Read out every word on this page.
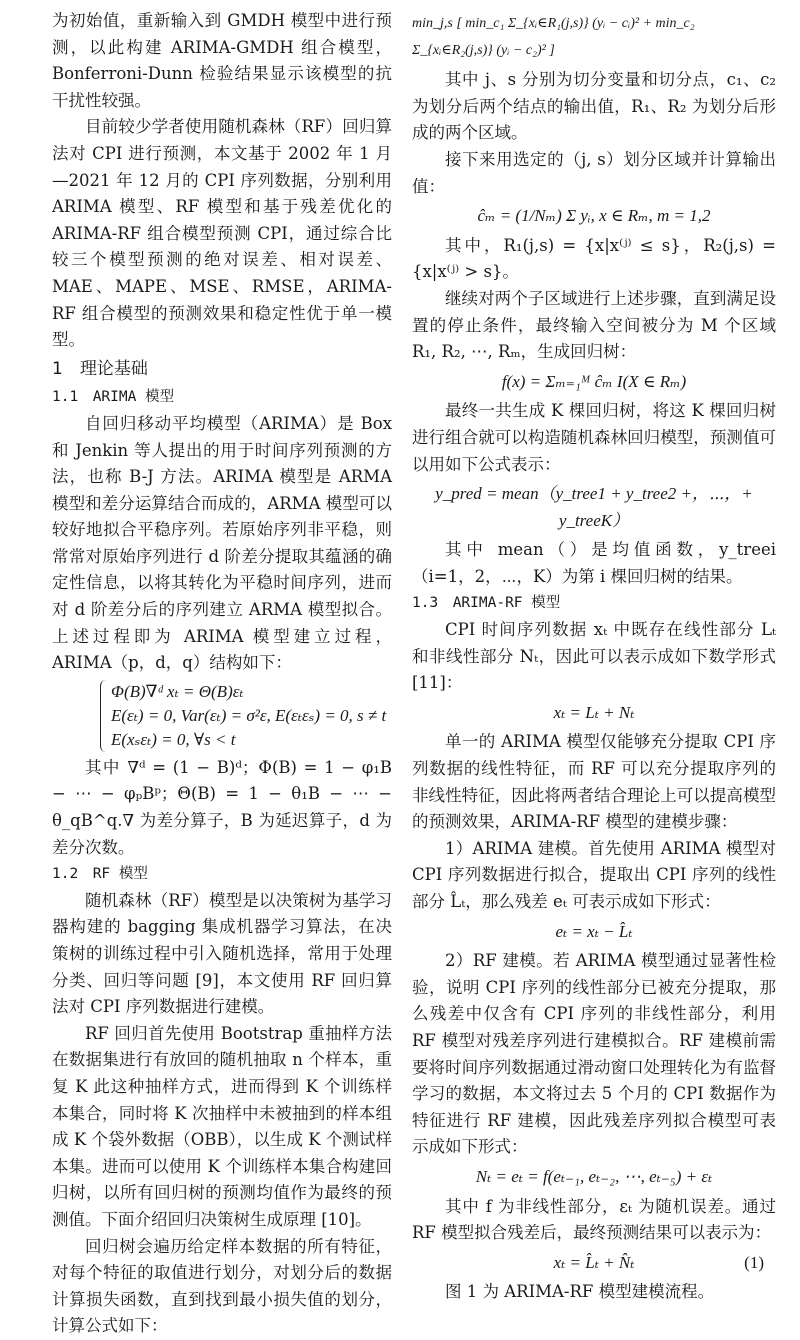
为初始值，重新输入到 GMDH 模型中进行预测，以此构建 ARIMA-GMDH 组合模型，Bonferroni-Dunn 检验结果显示该模型的抗干扰性较强。
目前较少学者使用随机森林（RF）回归算法对 CPI 进行预测，本文基于 2002 年 1 月—2021 年 12 月的 CPI 序列数据，分别利用 ARIMA 模型、RF 模型和基于残差优化的 ARIMA-RF 组合模型预测 CPI，通过综合比较三个模型预测的绝对误差、相对误差、MAE、MAPE、MSE、RMSE，ARIMA-RF 组合模型的预测效果和稳定性优于单一模型。
1　理论基础
1.1　ARIMA 模型
自回归移动平均模型（ARIMA）是 Box 和 Jenkin 等人提出的用于时间序列预测的方法，也称 B-J 方法。ARIMA 模型是 ARMA 模型和差分运算结合而成的，ARMA 模型可以较好地拟合平稳序列。若原始序列非平稳，则常常对原始序列进行 d 阶差分提取其蕴涵的确定性信息，以将其转化为平稳时间序列，进而对 d 阶差分后的序列建立 ARMA 模型拟合。上述过程即为 ARIMA 模型建立过程，ARIMA（p，d，q）结构如下：
Φ(B)∇ᵈ xₜ = Θ(B)εₜ
E(εₜ) = 0, Var(εₜ) = σ²ε, E(εₜεₛ) = 0, s ≠ t
E(xₛεₜ) = 0, ∀s < t
其中 ∇ᵈ = (1 − B)ᵈ；Φ(B) = 1 − φ₁B − ⋯ − φₚBᵖ；Θ(B) = 1 − θ₁B − ⋯ − θ_qB^q.∇ 为差分算子，B 为延迟算子，d 为差分次数。
1.2　RF 模型
随机森林（RF）模型是以决策树为基学习器构建的 bagging 集成机器学习算法，在决策树的训练过程中引入随机选择，常用于处理分类、回归等问题 [9]，本文使用 RF 回归算法对 CPI 序列数据进行建模。
RF 回归首先使用 Bootstrap 重抽样方法在数据集进行有放回的随机抽取 n 个样本，重复 K 此这种抽样方式，进而得到 K 个训练样本集合，同时将 K 次抽样中未被抽到的样本组成 K 个袋外数据（OBB），以生成 K 个测试样本集。进而可以使用 K 个训练样本集合构建回归树，以所有回归树的预测均值作为最终的预测值。下面介绍回归决策树生成原理 [10]。
回归树会遍历给定样本数据的所有特征，对每个特征的取值进行划分，对划分后的数据计算损失函数，直到找到最小损失值的划分，计算公式如下：
min_j,s [ min_c₁ Σ_{xᵢ∈R₁(j,s)} (yᵢ − cᵢ)² + min_c₂ Σ_{xᵢ∈R₂(j,s)} (yᵢ − c₂)² ]
其中 j、s 分别为切分变量和切分点，c₁、c₂ 为划分后两个结点的输出值，R₁、R₂ 为划分后形成的两个区域。
接下来用选定的（j, s）划分区域并计算输出值：
ĉₘ = (1/Nₘ) Σ yᵢ, x ∈ Rₘ, m = 1,2
其中，R₁(j,s) = {x|x⁽ʲ⁾ ≤ s}，R₂(j,s) = {x|x⁽ʲ⁾ > s}。
继续对两个子区域进行上述步骤，直到满足设置的停止条件，最终输入空间被分为 M 个区域 R₁, R₂, ⋯, Rₘ，生成回归树：
f(x) = Σₘ₌₁ᴹ ĉₘ I(X ∈ Rₘ)
最终一共生成 K 棵回归树，将这 K 棵回归树进行组合就可以构造随机森林回归模型，预测值可以用如下公式表示：
y_pred = mean（y_tree1 + y_tree2 +，⋯，+ y_treeK）
其中 mean（）是均值函数，y_treei（i=1，2，⋯，K）为第 i 棵回归树的结果。
1.3　ARIMA-RF 模型
CPI 时间序列数据 xₜ 中既存在线性部分 Lₜ 和非线性部分 Nₜ，因此可以表示成如下数学形式 [11]：
xₜ = Lₜ + Nₜ
单一的 ARIMA 模型仅能够充分提取 CPI 序列数据的线性特征，而 RF 可以充分提取序列的非线性特征，因此将两者结合理论上可以提高模型的预测效果，ARIMA-RF 模型的建模步骤：
1）ARIMA 建模。首先使用 ARIMA 模型对 CPI 序列数据进行拟合，提取出 CPI 序列的线性部分 L̂ₜ，那么残差 eₜ 可表示成如下形式：
eₜ = xₜ − L̂ₜ
2）RF 建模。若 ARIMA 模型通过显著性检验，说明 CPI 序列的线性部分已被充分提取，那么残差中仅含有 CPI 序列的非线性部分，利用 RF 模型对残差序列进行建模拟合。RF 建模前需要将时间序列数据通过滑动窗口处理转化为有监督学习的数据，本文将过去 5 个月的 CPI 数据作为特征进行 RF 建模，因此残差序列拟合模型可表示成如下形式：
Nₜ = eₜ = f(eₜ₋₁, eₜ₋₂, ⋯, eₜ₋₅) + εₜ
其中 f 为非线性部分，εₜ 为随机误差。通过 RF 模型拟合残差后，最终预测结果可以表示为：
xₜ = L̂ₜ + N̂ₜ	(1)
图 1 为 ARIMA-RF 模型建模流程。
